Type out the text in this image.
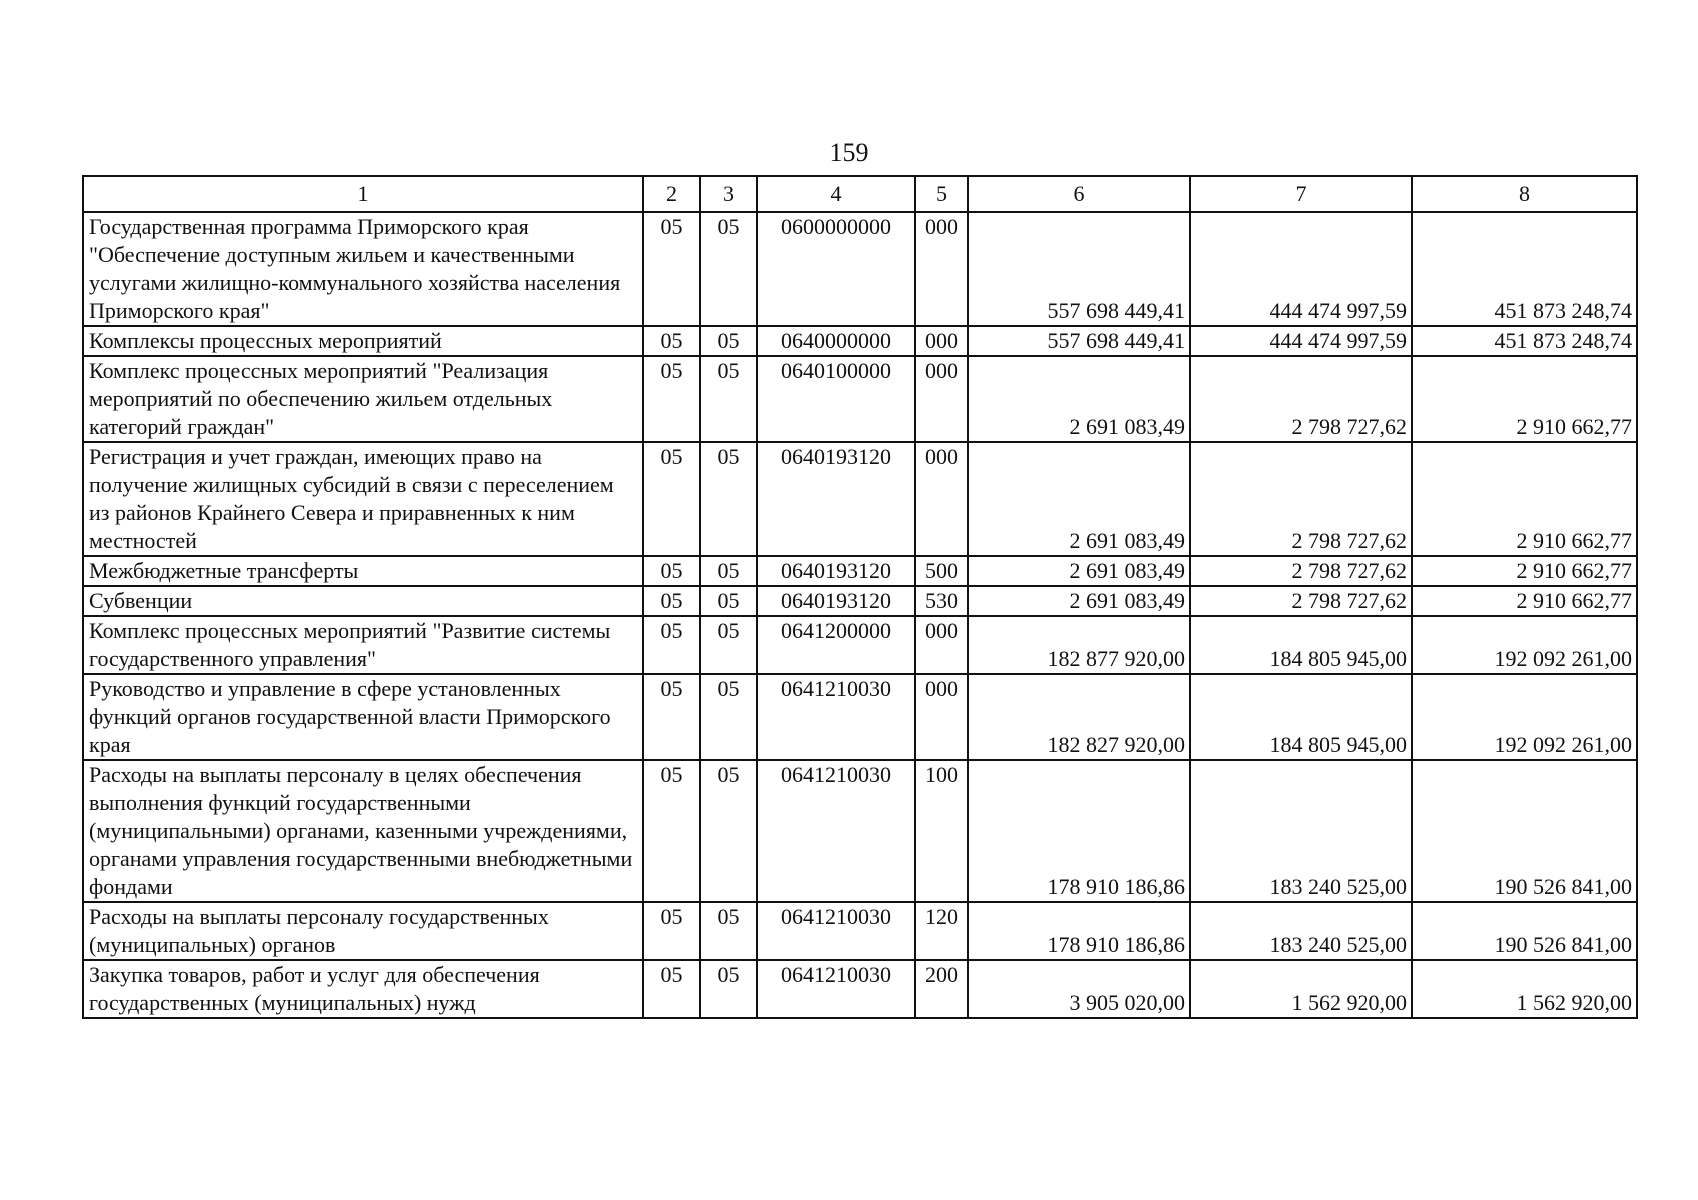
159
1	2	3	4	5	6	7	8
Государственная программа Приморского края "Обеспечение доступным жильем и качественными услугами жилищно-коммунального хозяйства населения Приморского края"	05	05	0600000000	000	557 698 449,41	444 474 997,59	451 873 248,74
Комплексы процессных мероприятий	05	05	0640000000	000	557 698 449,41	444 474 997,59	451 873 248,74
Комплекс процессных мероприятий "Реализация мероприятий по обеспечению жильем отдельных категорий граждан"	05	05	0640100000	000	2 691 083,49	2 798 727,62	2 910 662,77
Регистрация и учет граждан, имеющих право на получение жилищных субсидий в связи с переселением из районов Крайнего Севера и приравненных к ним местностей	05	05	0640193120	000	2 691 083,49	2 798 727,62	2 910 662,77
Межбюджетные трансферты	05	05	0640193120	500	2 691 083,49	2 798 727,62	2 910 662,77
Субвенции	05	05	0640193120	530	2 691 083,49	2 798 727,62	2 910 662,77
Комплекс процессных мероприятий "Развитие системы государственного управления"	05	05	0641200000	000	182 877 920,00	184 805 945,00	192 092 261,00
Руководство и управление в сфере установленных функций органов государственной власти Приморского края	05	05	0641210030	000	182 827 920,00	184 805 945,00	192 092 261,00
Расходы на выплаты персоналу в целях обеспечения выполнения функций государственными (муниципальными) органами, казенными учреждениями, органами управления государственными внебюджетными фондами	05	05	0641210030	100	178 910 186,86	183 240 525,00	190 526 841,00
Расходы на выплаты персоналу государственных (муниципальных) органов	05	05	0641210030	120	178 910 186,86	183 240 525,00	190 526 841,00
Закупка товаров, работ и услуг для обеспечения государственных (муниципальных) нужд	05	05	0641210030	200	3 905 020,00	1 562 920,00	1 562 920,00
